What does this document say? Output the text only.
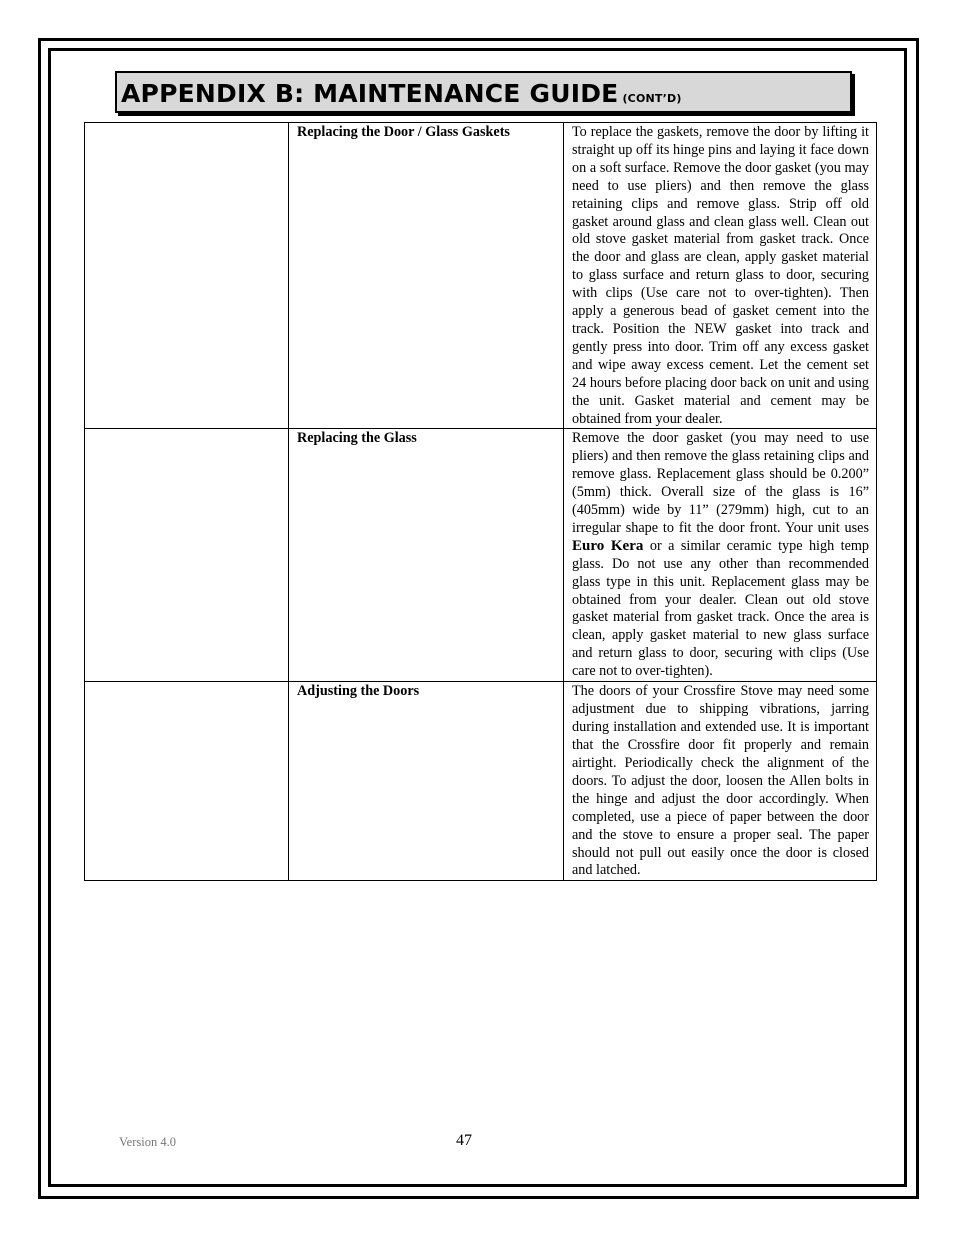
APPENDIX B: MAINTENANCE GUIDE (CONT’D)
	Replacing the Door / Glass Gaskets	To replace the gaskets, remove the door by lifting it straight up off its hinge pins and laying it face down on a soft surface. Remove the door gasket (you may need to use pliers) and then remove the glass retaining clips and remove glass. Strip off old gasket around glass and clean glass well. Clean out old stove gasket material from gasket track. Once the door and glass are clean, apply gasket material to glass surface and return glass to door, securing with clips (Use care not to over-tighten). Then apply a generous bead of gasket cement into the track. Position the NEW gasket into track and gently press into door. Trim off any excess gasket and wipe away excess cement. Let the cement set 24 hours before placing door back on unit and using the unit. Gasket material and cement may be obtained from your dealer.
	Replacing the Glass	Remove the door gasket (you may need to use pliers) and then remove the glass retaining clips and remove glass. Replacement glass should be 0.200” (5mm) thick. Overall size of the glass is 16” (405mm) wide by 11” (279mm) high, cut to an irregular shape to fit the door front. Your unit uses Euro Kera or a similar ceramic type high temp glass. Do not use any other than recommended glass type in this unit. Replacement glass may be obtained from your dealer. Clean out old stove gasket material from gasket track. Once the area is clean, apply gasket material to new glass surface and return glass to door, securing with clips (Use care not to over-tighten).
	Adjusting the Doors	The doors of your Crossfire Stove may need some adjustment due to shipping vibrations, jarring during installation and extended use. It is important that the Crossfire door fit properly and remain airtight. Periodically check the alignment of the doors. To adjust the door, loosen the Allen bolts in the hinge and adjust the door accordingly. When completed, use a piece of paper between the door and the stove to ensure a proper seal. The paper should not pull out easily once the door is closed and latched.
Version 4.0	47
